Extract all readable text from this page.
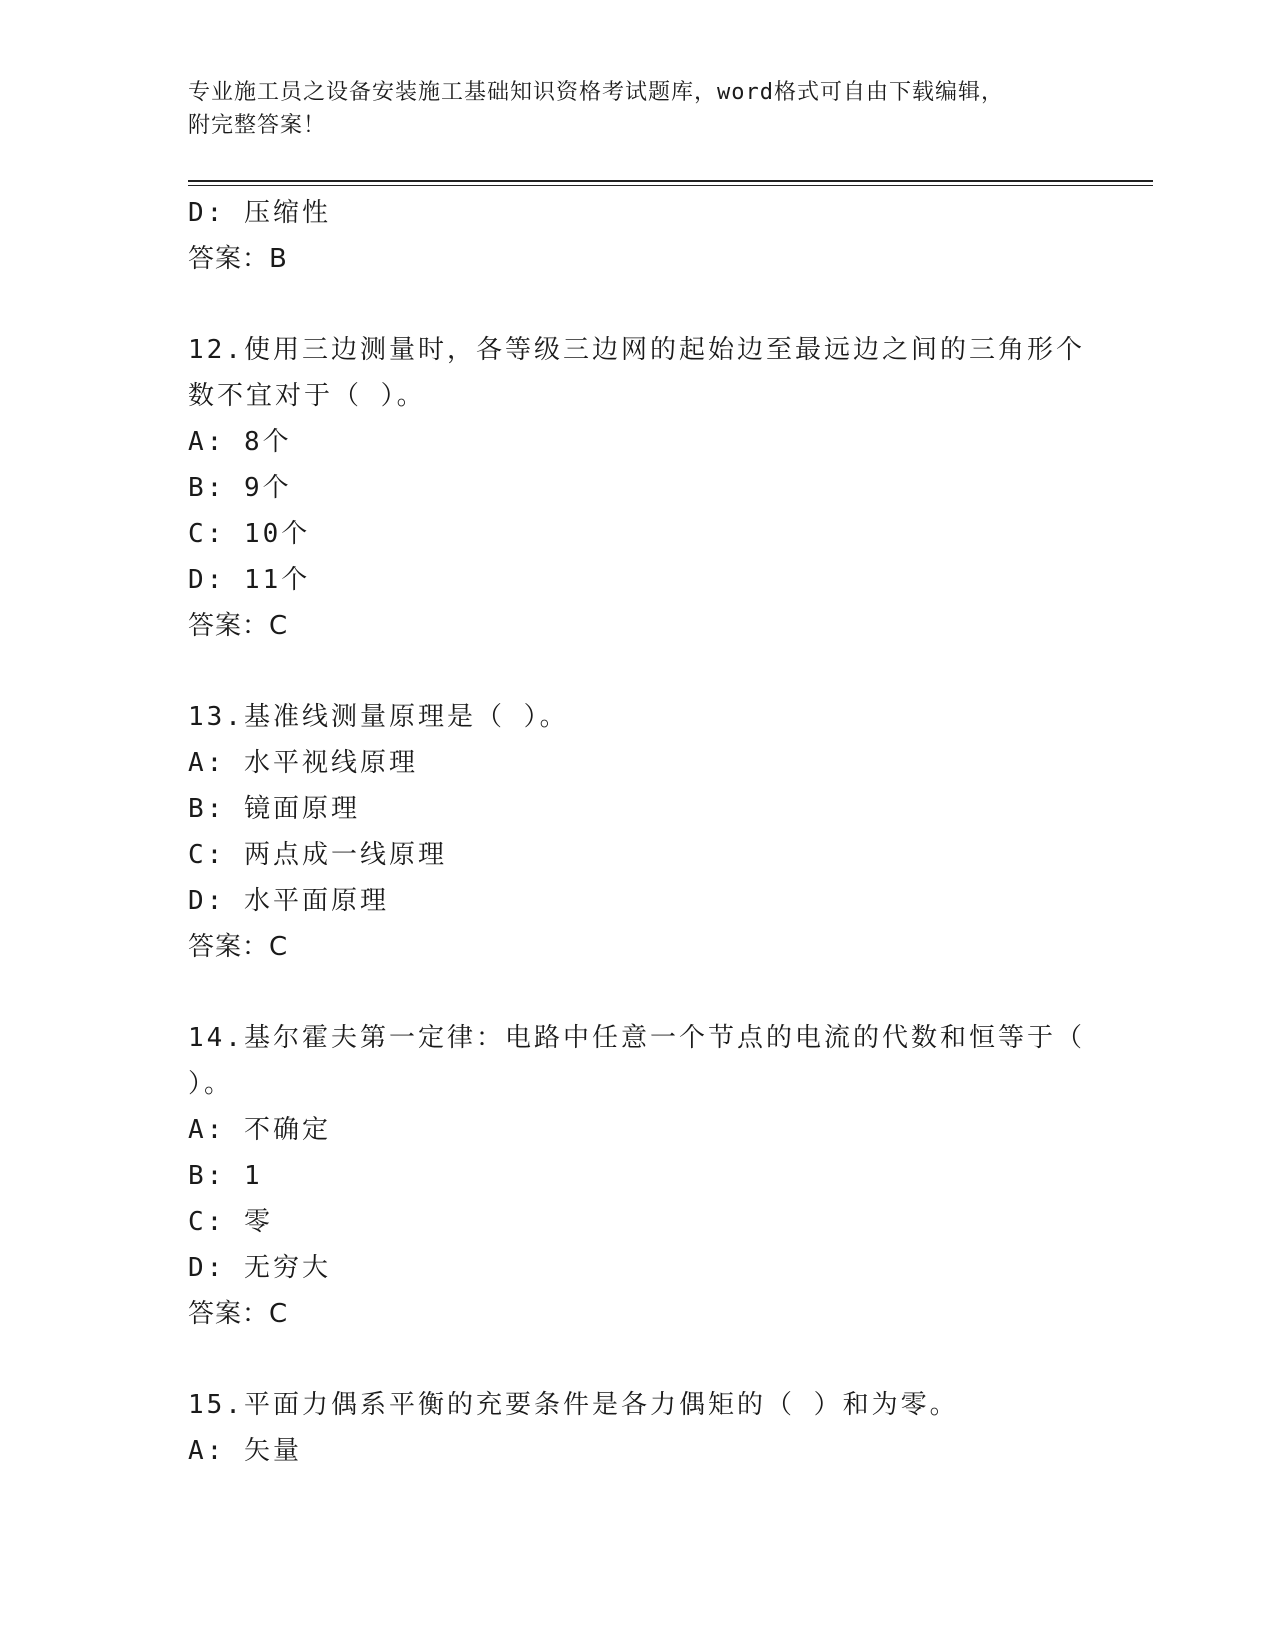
专业施工员之设备安装施工基础知识资格考试题库，word格式可自由下载编辑，
附完整答案！
D: 压缩性
答案：B
12.使用三边测量时，各等级三边网的起始边至最远边之间的三角形个
数不宜对于（ ）。
A: 8个
B: 9个
C: 10个
D: 11个
答案：C
13.基准线测量原理是（ ）。
A: 水平视线原理
B: 镜面原理
C: 两点成一线原理
D: 水平面原理
答案：C
14.基尔霍夫第一定律：电路中任意一个节点的电流的代数和恒等于（
）。
A: 不确定
B: 1
C: 零
D: 无穷大
答案：C
15.平面力偶系平衡的充要条件是各力偶矩的（ ）和为零。
A: 矢量
